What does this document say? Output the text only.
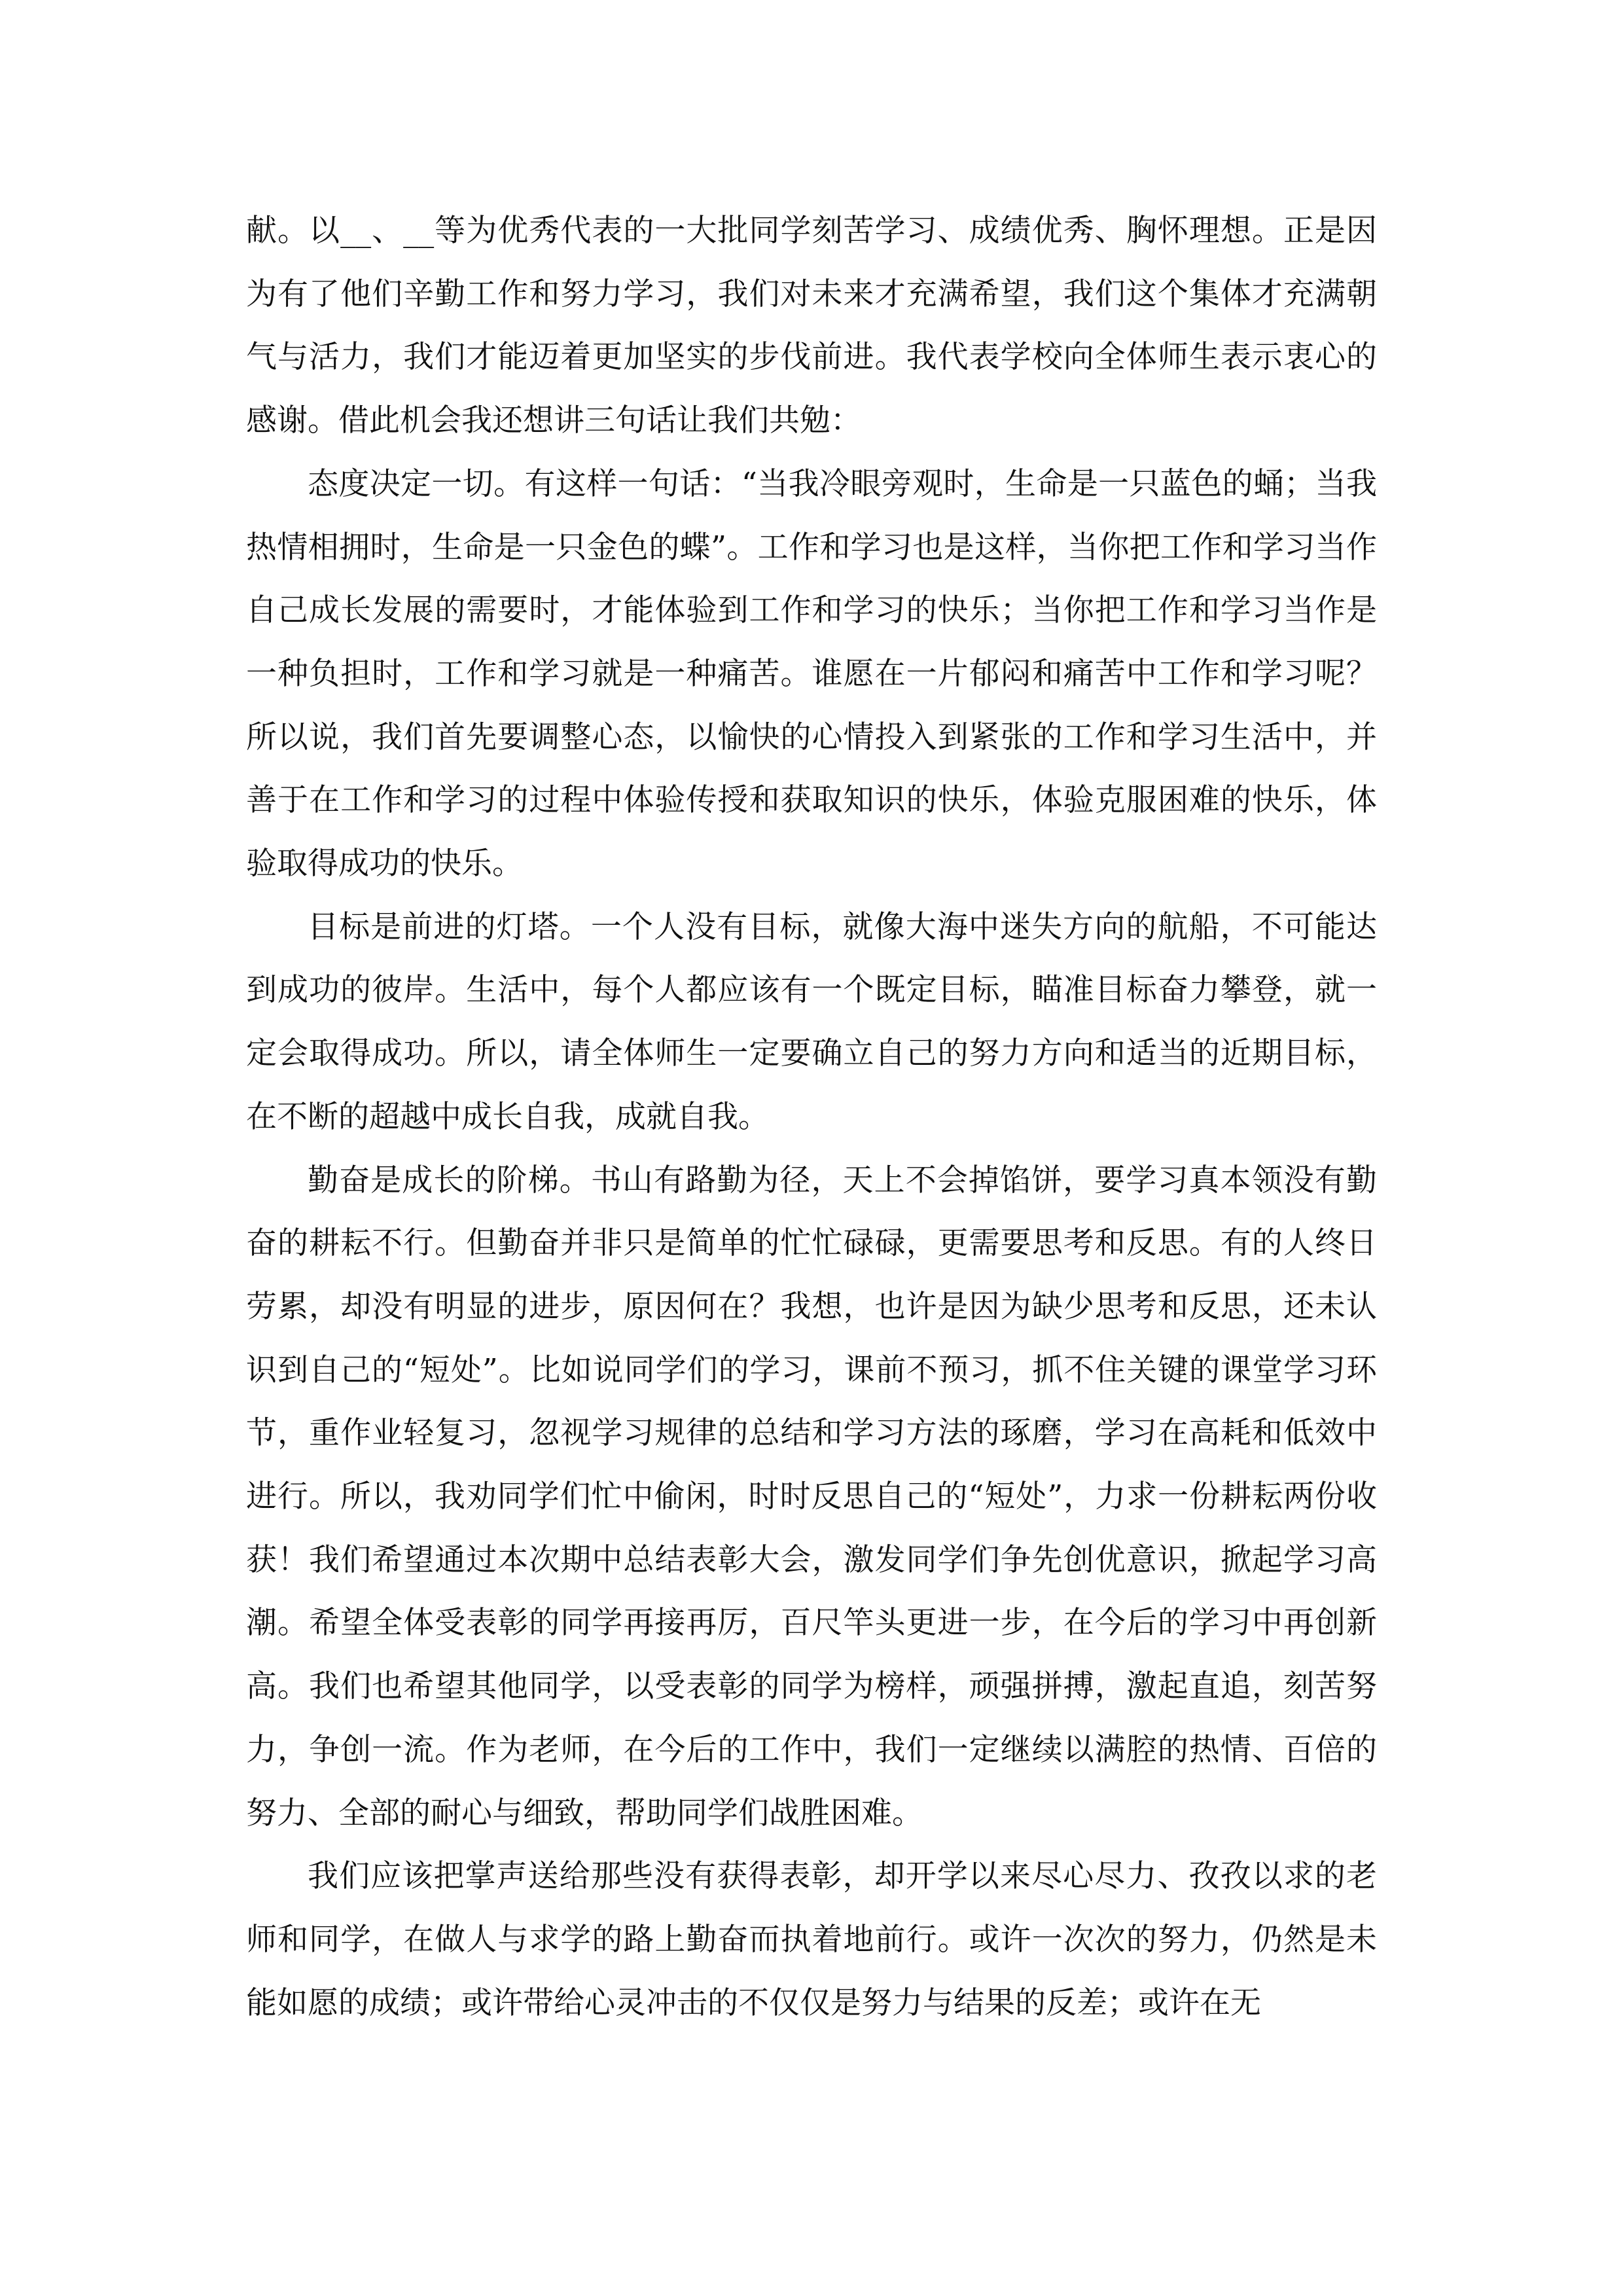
献。以__、__等为优秀代表的一大批同学刻苦学习、成绩优秀、胸怀理想。正是因为有了他们辛勤工作和努力学习，我们对未来才充满希望，我们这个集体才充满朝气与活力，我们才能迈着更加坚实的步伐前进。我代表学校向全体师生表示衷心的感谢。借此机会我还想讲三句话让我们共勉：

态度决定一切。有这样一句话：“当我冷眼旁观时，生命是一只蓝色的蛹；当我热情相拥时，生命是一只金色的蝶”。工作和学习也是这样，当你把工作和学习当作自己成长发展的需要时，才能体验到工作和学习的快乐；当你把工作和学习当作是一种负担时，工作和学习就是一种痛苦。谁愿在一片郁闷和痛苦中工作和学习呢？所以说，我们首先要调整心态，以愉快的心情投入到紧张的工作和学习生活中，并善于在工作和学习的过程中体验传授和获取知识的快乐，体验克服困难的快乐，体验取得成功的快乐。

目标是前进的灯塔。一个人没有目标，就像大海中迷失方向的航船，不可能达到成功的彼岸。生活中，每个人都应该有一个既定目标，瞄准目标奋力攀登，就一定会取得成功。所以，请全体师生一定要确立自己的努力方向和适当的近期目标，在不断的超越中成长自我，成就自我。

勤奋是成长的阶梯。书山有路勤为径，天上不会掉馅饼，要学习真本领没有勤奋的耕耘不行。但勤奋并非只是简单的忙忙碌碌，更需要思考和反思。有的人终日劳累，却没有明显的进步，原因何在？我想，也许是因为缺少思考和反思，还未认识到自己的“短处”。比如说同学们的学习，课前不预习，抓不住关键的课堂学习环节，重作业轻复习，忽视学习规律的总结和学习方法的琢磨，学习在高耗和低效中进行。所以，我劝同学们忙中偷闲，时时反思自己的“短处”，力求一份耕耘两份收获！我们希望通过本次期中总结表彰大会，激发同学们争先创优意识，掀起学习高潮。希望全体受表彰的同学再接再厉，百尺竿头更进一步，在今后的学习中再创新高。我们也希望其他同学，以受表彰的同学为榜样，顽强拼搏，激起直追，刻苦努力，争创一流。作为老师，在今后的工作中，我们一定继续以满腔的热情、百倍的努力、全部的耐心与细致，帮助同学们战胜困难。

我们应该把掌声送给那些没有获得表彰，却开学以来尽心尽力、孜孜以求的老师和同学，在做人与求学的路上勤奋而执着地前行。或许一次次的努力，仍然是未能如愿的成绩；或许带给心灵冲击的不仅仅是努力与结果的反差；或许在无
